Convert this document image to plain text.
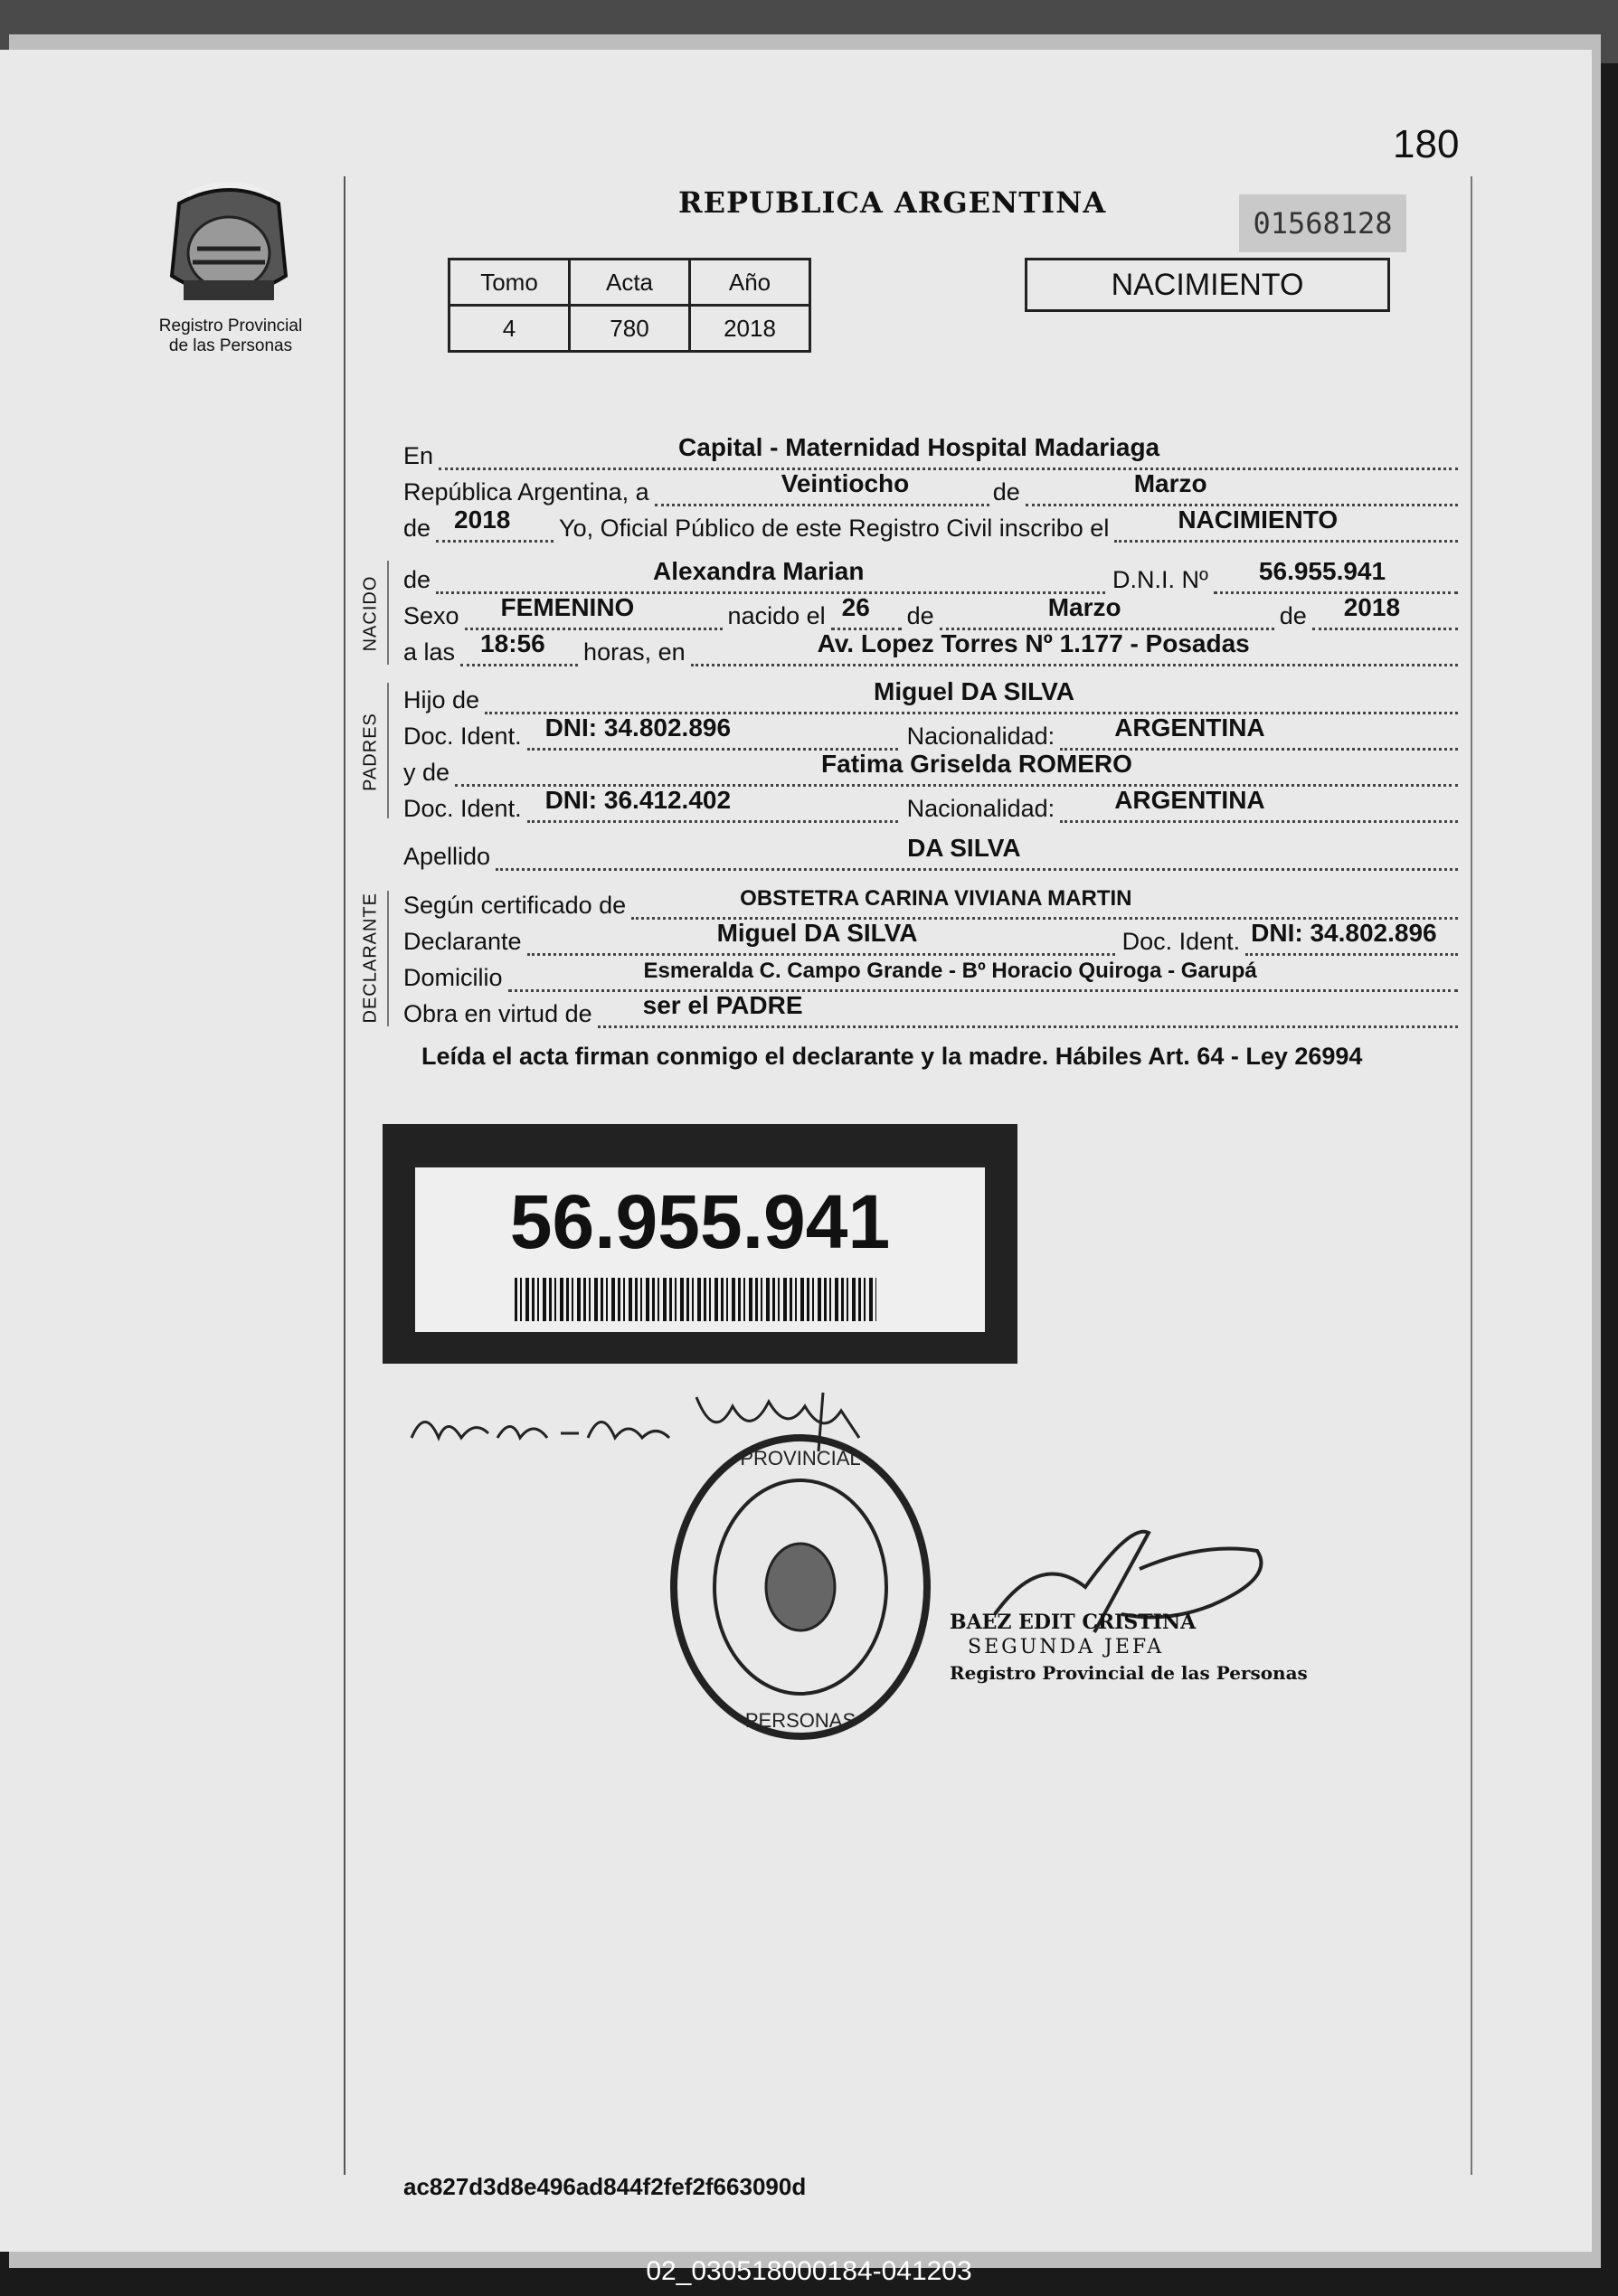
180
Registro Provincial
de las Personas
REPUBLICA ARGENTINA
01568128
Tomo	Acta	Año
4	780	2018
NACIMIENTO
NACIDO
PADRES
DECLARANTE
En	Capital - Maternidad Hospital Madariaga
República Argentina, a	Veintiocho	de	Marzo
de 2018 Yo, Oficial Público de este Registro Civil inscribo el	NACIMIENTO
de	Alexandra Marian	D.N.I. Nº 56.955.941
Sexo FEMENINO	nacido el 26 de	Marzo	de 2018
a las 18:56 horas, en	Av. Lopez Torres Nº 1.177 - Posadas
Hijo de	Miguel DA SILVA
Doc. Ident. DNI: 34.802.896	Nacionalidad: ARGENTINA
y de	Fatima Griselda ROMERO
Doc. Ident. DNI: 36.412.402	Nacionalidad: ARGENTINA
Apellido	DA SILVA
Según certificado de	OBSTETRA CARINA VIVIANA MARTIN
Declarante	Miguel DA SILVA	Doc. Ident. DNI: 34.802.896
Domicilio	Esmeralda C. Campo Grande - Bº Horacio Quiroga - Garupá
Obra en virtud de ser el PADRE
Leída el acta firman conmigo el declarante y la madre. Hábiles Art. 64 - Ley 26994
56.955.941
PROVINCIAL
PERSONAS
BAEZ EDIT CRISTINA
SEGUNDA JEFA
Registro Provincial de las Personas
ac827d3d8e496ad844f2fef2f663090d
02_030518000184-041203
